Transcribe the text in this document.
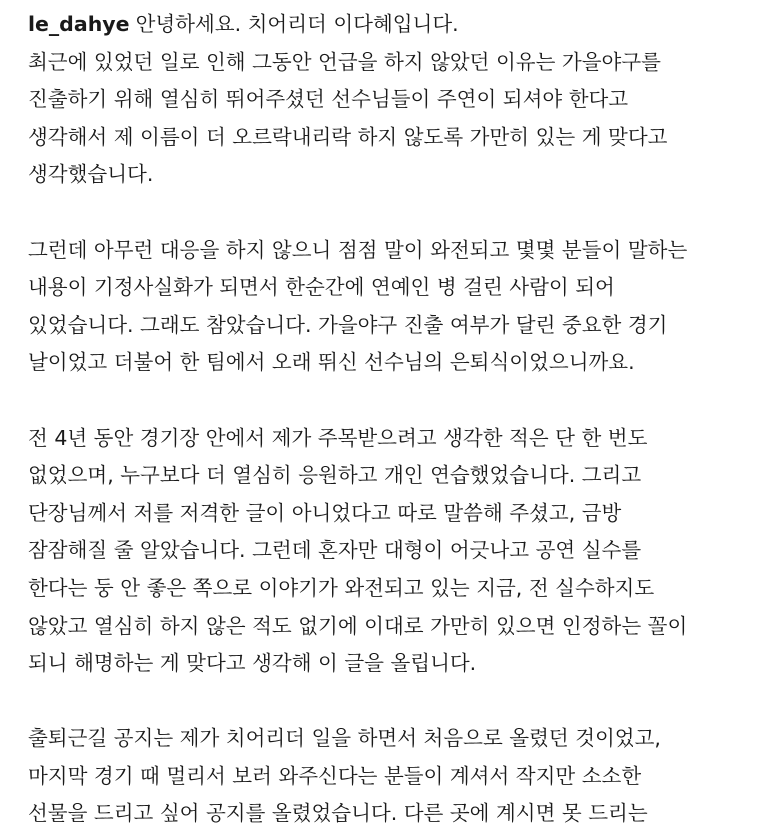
le_dahye 안녕하세요. 치어리더 이다혜입니다.

최근에 있었던 일로 인해 그동안 언급을 하지 않았던 이유는 가을야구를
진출하기 위해 열심히 뛰어주셨던 선수님들이 주연이 되셔야 한다고
생각해서 제 이름이 더 오르락내리락 하지 않도록 가만히 있는 게 맞다고
생각했습니다.

그런데 아무런 대응을 하지 않으니 점점 말이 와전되고 몇몇 분들이 말하는
내용이 기정사실화가 되면서 한순간에 연예인 병 걸린 사람이 되어
있었습니다. 그래도 참았습니다. 가을야구 진출 여부가 달린 중요한 경기
날이었고 더불어 한 팀에서 오래 뛰신 선수님의 은퇴식이었으니까요.

전 4년 동안 경기장 안에서 제가 주목받으려고 생각한 적은 단 한 번도
없었으며, 누구보다 더 열심히 응원하고 개인 연습했었습니다. 그리고
단장님께서 저를 저격한 글이 아니었다고 따로 말씀해 주셨고, 금방
잠잠해질 줄 알았습니다. 그런데 혼자만 대형이 어긋나고 공연 실수를
한다는 둥 안 좋은 쪽으로 이야기가 와전되고 있는 지금, 전 실수하지도
않았고 열심히 하지 않은 적도 없기에 이대로 가만히 있으면 인정하는 꼴이
되니 해명하는 게 맞다고 생각해 이 글을 올립니다.

출퇴근길 공지는 제가 치어리더 일을 하면서 처음으로 올렸던 것이었고,
마지막 경기 때 멀리서 보러 와주신다는 분들이 계셔서 작지만 소소한
선물을 드리고 싶어 공지를 올렸었습니다. 다른 곳에 계시면 못 드리는
